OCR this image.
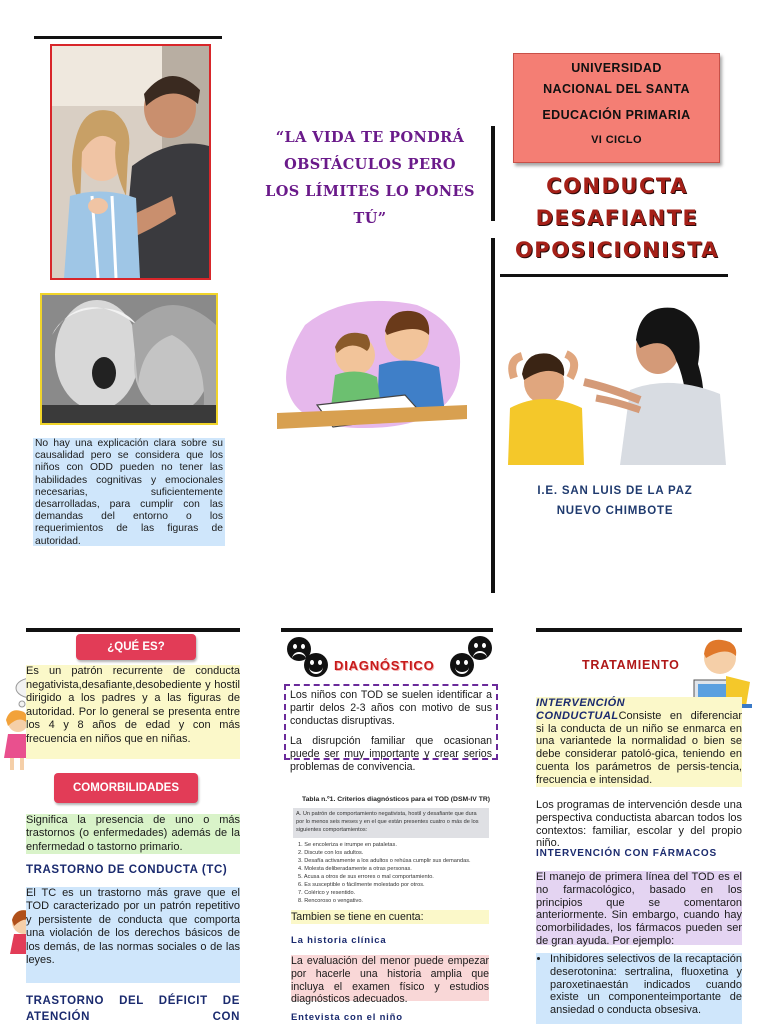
No hay una explicación clara sobre su causalidad pero se considera que los niños con ODD pueden no tener las habilidades cognitivas y emocionales necesarias, suficientemente desarrolladas, para cumplir con las demandas del entorno o los requerimientos de las figuras de autoridad.
“LA VIDA TE PONDRÁ OBSTÁCULOS PERO LOS LÍMITES LO PONES TÚ”
UNIVERSIDAD
NACIONAL DEL SANTA
EDUCACIÓN PRIMARIA
VI CICLO
CONDUCTA
DESAFIANTE
OPOSICIONISTA
I.E. SAN LUIS DE LA PAZ
NUEVO CHIMBOTE
¿QUÉ ES?
Es un patrón recurrente de conducta negativista,desafiante,desobediente y hostil dirigido a los padres y a las figuras de autoridad. Por lo general se presenta entre los 4 y 8 años de edad y con más frecuencia en niños que en niñas.
COMORBILIDADES
Significa la presencia de uno o más trastornos (o enfermedades) además de la enfermedad o tastorno primario.
TRASTORNO DE CONDUCTA (TC)
El TC es un trastorno más grave que el TOD caracterizado por un patrón repetitivo y persistente de conducta que comporta una violación de los derechos básicos de los demás, de las normas sociales o de las leyes.
TRASTORNO DEL DÉFICIT DE ATENCIÓN CON
DIAGNÓSTICO
Los niños con TOD se suelen identificar a partir delos 2-3 años con motivo de sus conductas disruptivas.
La disrupción familiar que ocasionan puede ser muy importante y crear serios problemas de convivencia.
Tabla n.º1. Criterios diagnósticos para el TOD (DSM-IV TR)
A. Un patrón de comportamiento negativista, hostil y desafiante que dura por lo menos seis meses y en el que están presentes cuatro o más de los siguientes comportamientos:
1. Se encoleriza e irrumpe en pataletas.
2. Discute con los adultos.
3. Desafía activamente a los adultos o rehúsa cumplir sus demandas.
4. Molesta deliberadamente a otras personas.
5. Acusa a otros de sus errores o mal comportamiento.
6. Es susceptible o fácilmente molestado por otros.
7. Colérico y resentido.
8. Rencoroso o vengativo.
Tambien se tiene en cuenta:
La historia clínica
La evaluación del menor puede empezar por hacerle una historia amplia que incluya el examen físico y estudios diagnósticos adecuados.
Entevista con el niño
TRATAMIENTO
INTERVENCIÓN CONDUCTUALConsiste en diferenciar si la conducta de un niño se enmarca en una variantede la normalidad o bien se debe considerar patoló-gica, teniendo en cuenta los parámetros de persis-tencia, frecuencia e intensidad.
Los programas de intervención desde una perspectiva conductista abarcan todos los contextos: familiar, escolar y del propio niño.
INTERVENCIÓN CON FÁRMACOS
El manejo de primera línea del TOD es el no farmacológico, basado en los principios que se comentaron anteriormente. Sin embargo, cuando hay comorbilidades, los fármacos pueden ser de gran ayuda. Por ejemplo:
• Inhibidores selectivos de la recaptación deserotonina: sertralina, fluoxetina y paroxetinaestán indicados cuando existe un componenteimportante de ansiedad o conducta obsesiva.
